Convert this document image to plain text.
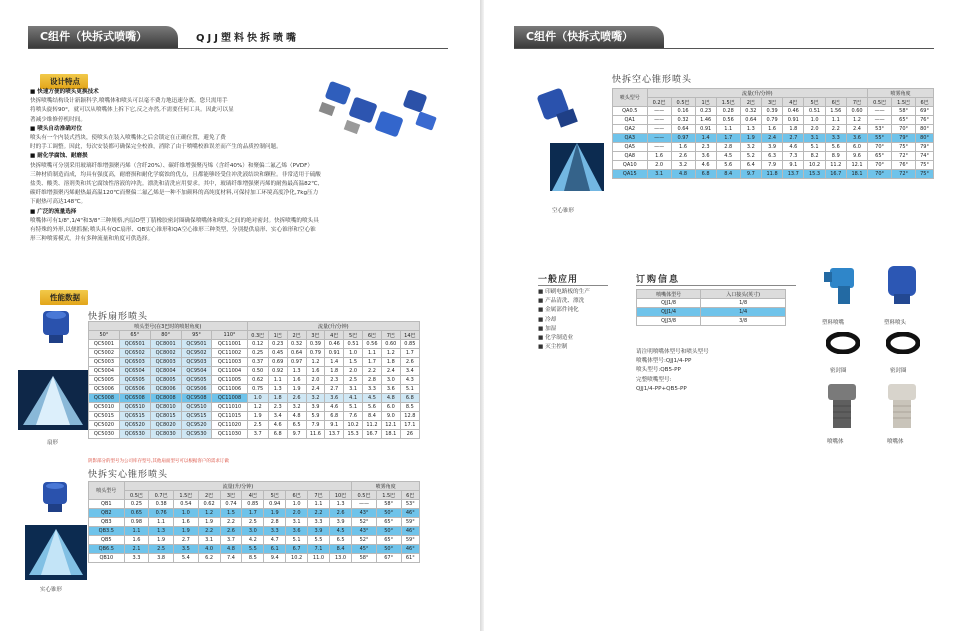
C组件（快拆式喷嘴）	QJJ塑料快拆喷嘴
设计特点

■ 快速方便的喷头更换技术

快拆喷嘴结构设计新颖科学,喷嘴体和喷头可以毫不费力地迅速分离。您只需用手

将喷头旋转90°，就可以从喷嘴体上拆下它,反之亦然,不需要任何工具。因此可以显

著减少维修停机时间。

■ 喷头自动准确对位

喷头有一个内装式挡块，使喷头在装入喷嘴体之后会锁定在正确位置，避免了费

时的手工调整。因此，每次安装都可确保完全校准，消除了由于喷嘴校准误差而产生的品质控制问题。

■ 耐化学腐蚀、耐磨损

快拆喷嘴可分别采用玻璃纤维增强聚丙烯（含纤20%）、碳纤维增强聚丙烯（含纤40%）和聚偏二氟乙烯（PVDF）

三种材质制造而成，均具有强度高，耐磨损和耐化学腐蚀的优点，且都能够经受住冲洗液结块和颗粒。非常适用于硫酸

盐类、酸类、溶剂类和其它腐蚀性溶液的冲洗。漂洗和清洗应用要求。其中，玻璃纤维增强聚丙烯的耐热最高温82℃,

碳纤维增强聚丙烯耐热最高温120℃而聚偏二氟乙烯是一种不加颜料的高纯度材料,可保持加工环境高度净化,7kg压力

下耐热可高达148℃。

■ 广泛的流量选择

喷嘴体可有1/8",1/4"和3/8"三种规格,内层O型丁腈橡胶密封圈确保喷嘴体和喷头之间的绝对密封。快拆喷嘴的喷头具

有特殊的外形,以便抓握;喷头具有QC扇形、QB实心锥形和QA空心锥形三种类型，分别提供扇形、实心锥形和空心锥

形三种喷雾模式，并有多种流量和角度可供选择。

性能数据
快拆扇形喷头
扇形
喷头型号(在3巴时的喷射角度)					流量(升/分钟)								
50°	65°	80°	95°	110°	0.3巴	1巴	2巴	3巴	4巴	5巴	6巴	7巴	14巴
QC5001	QC6501	QC8001	QC9501	QC11001	0.12	0.23	0.32	0.39	0.46	0.51	0.56	0.60	0.85
QC5002	QC6502	QC8002	QC9502	QC11002	0.25	0.45	0.64	0.79	0.91	1.0	1.1	1.2	1.7
QC5003	QC6503	QC8003	QC9503	QC11003	0.37	0.69	0.97	1.2	1.4	1.5	1.7	1.8	2.6
QC5004	QC6504	QC8004	QC9504	QC11004	0.50	0.92	1.3	1.6	1.8	2.0	2.2	2.4	3.4
QC5005	QC6505	QC8005	QC9505	QC11005	0.62	1.1	1.6	2.0	2.3	2.5	2.8	3.0	4.3
QC5006	QC6506	QC8006	QC9506	QC11006	0.75	1.3	1.9	2.4	2.7	3.1	3.3	3.6	5.1
QC5008	QC6508	QC8008	QC9508	QC11008	1.0	1.8	2.6	3.2	3.6	4.1	4.5	4.8	6.8
QC5010	QC6510	QC8010	QC9510	QC11010	1.2	2.3	3.2	3.9	4.6	5.1	5.6	6.0	8.5
QC5015	QC6515	QC8015	QC9515	QC11015	1.9	3.4	4.8	5.9	6.8	7.6	8.4	9.0	12.8
QC5020	QC6520	QC8020	QC9520	QC11020	2.5	4.6	6.5	7.9	9.1	10.2	11.2	12.1	17.1
QC5030	QC6530	QC8030	QC9530	QC11030	3.7	6.8	9.7	11.6	13.7	15.3	16.7	18.1	26
阴影部分的型号为公司库存型号,其他扇面型号可以根据客户的需求订做
快拆实心锥形喷头
实心锥形
喷头型号	流量(升/分钟)										喷雾角度		
	0.5巴	0.7巴	1.5巴	2巴	3巴	4巴	5巴	6巴	7巴	10巴	0.5巴	1.5巴	6巴
QB1	0.25	0.38	0.54	0.62	0.74	0.85	0.94	1.0	1.1	1.3	——	58°	53°
QB2	0.65	0.76	1.0	1.2	1.5	1.7	1.9	2.0	2.2	2.6	43°	50°	46°
QB3	0.98	1.1	1.6	1.9	2.2	2.5	2.8	3.1	3.3	3.9	52°	65°	59°
QB3.5	1.1	1.3	1.9	2.2	2.6	3.0	3.3	3.6	3.9	4.5	43°	50°	46°
QB5	1.6	1.9	2.7	3.1	3.7	4.2	4.7	5.1	5.5	6.5	52°	65°	59°
QB6.5	2.1	2.5	3.5	4.0	4.8	5.5	6.1	6.7	7.1	8.4	45°	50°	46°
QB10	3.3	3.8	5.4	6.2	7.4	8.5	9.4	10.2	11.0	13.0	58°	67°	61°
C组件（快拆式喷嘴）
快拆空心锥形喷头
空心锥形
喷头型号	流量(升/分钟)										喷雾角度		
	0.2巴	0.5巴	1巴	1.5巴	2巴	3巴	4巴	5巴	6巴	7巴	0.5巴	1.5巴	6巴
QA0.5	——	0.16	0.23	0.28	0.32	0.39	0.46	0.51	1.56	0.60	——	58°	69°
QA1	——	0.32	1.46	0.56	0.64	0.79	0.91	1.0	1.1	1.2	——	65°	76°
QA2	——	0.64	0.91	1.1	1.3	1.6	1.8	2.0	2.2	2.4	53°	70°	80°
QA3	——	0.97	1.4	1.7	1.9	2.4	2.7	3.1	3.3	3.6	55°	79°	80°
QA5	——	1.6	2.3	2.8	3.2	3.9	4.6	5.1	5.6	6.0	70°	75°	79°
QA8	1.6	2.6	3.6	4.5	5.2	6.3	7.3	8.2	8.9	9.6	65°	72°	74°
QA10	2.0	3.2	4.6	5.6	6.4	7.9	9.1	10.2	11.2	12.1	70°	76°	75°
QA15	3.1	4.8	6.8	8.4	9.7	11.8	13.7	15.3	16.7	18.1	70°	72°	75°
一般应用

■ 印刷电路板的生产

■ 产品清洗、漂洗

■ 金属部件钝化

■ 冷却

■ 加湿

■ 化学制造业

■ 灭尘控制

订购信息
喷嘴体型号	入口接头(英寸)
QJJ1/8	1/8
QJJ1/4	1/4
QJJ3/8	3/8

请注明喷嘴体型号和喷头型号

喷嘴体型号:QJJ1/4-PP

喷头型号:QB5-PP

完整喷嘴型号:

QJJ1/4-PP+QB5-PP

塑料喷嘴	塑料喷头
密封圈	密封圈
喷嘴体	喷嘴体
